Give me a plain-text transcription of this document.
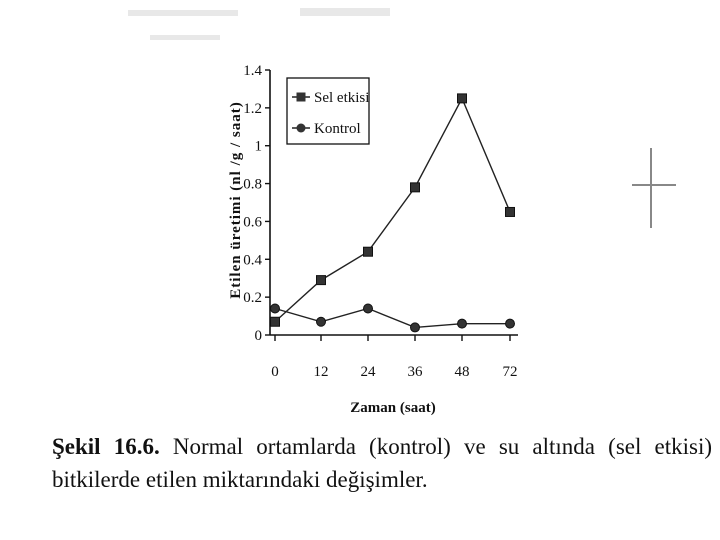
0
0.2
0.4
0.6
0.8
1
1.2
1.4
0 12 24 36 48 72
Sel etkisi
Kontrol
Etilen üretimi (nl /g / saat)
Zaman (saat)
Şekil 16.6. Normal ortamlarda (kontrol) ve su altında (sel etkisi) bitkilerde etilen miktarındaki değişimler.
